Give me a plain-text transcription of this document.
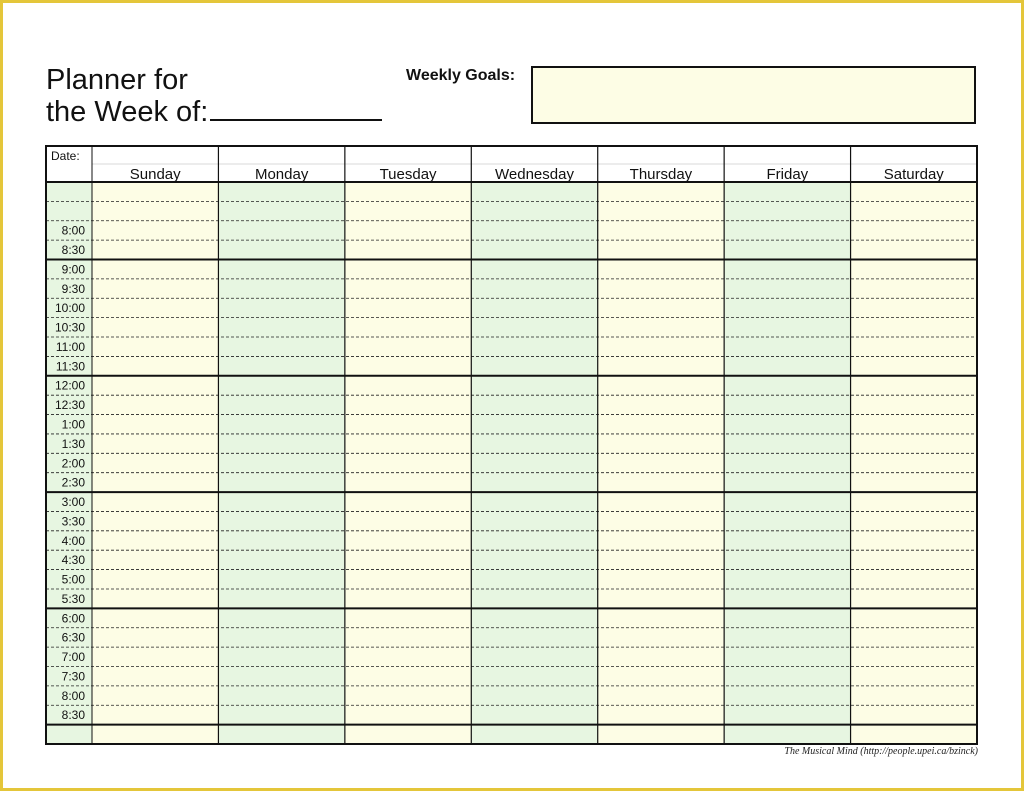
Planner for
the Week of:
Weekly Goals:
Date:
Sunday	Monday	Tuesday	Wednesday	Thursday	Friday	Saturday
8:00
8:30
9:00
9:30
10:00
10:30
11:00
11:30
12:00
12:30
1:00
1:30
2:00
2:30
3:00
3:30
4:00
4:30
5:00
5:30
6:00
6:30
7:00
7:30
8:00
8:30
The Musical Mind (http://people.upei.ca/bzinck)
